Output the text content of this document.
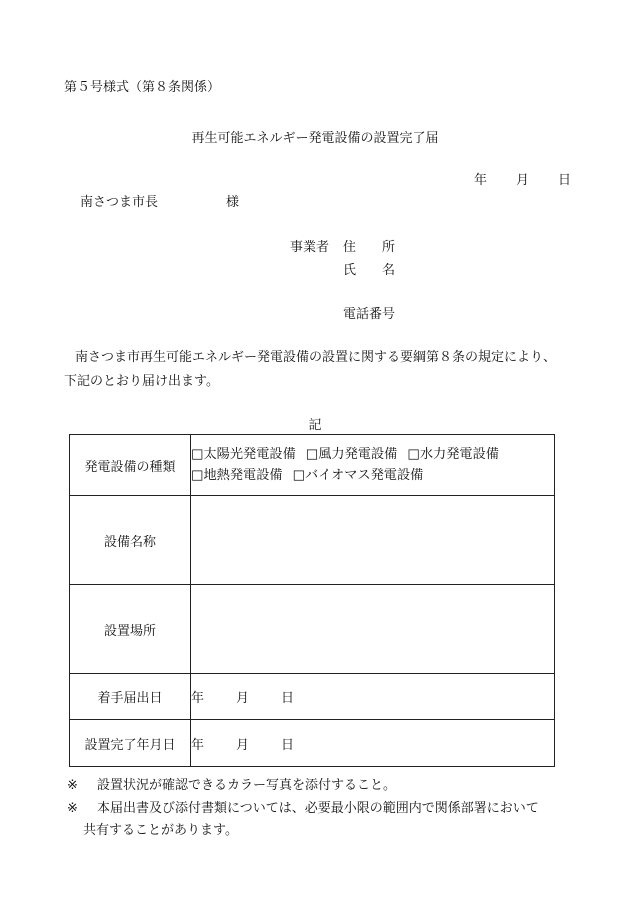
第５号様式（第８条関係）
再生可能エネルギー発電設備の設置完了届
年 月 日
南さつま市長	様
事業者 住　　所
氏　　名
電話番号
南さつま市再生可能エネルギー発電設備の設置に関する要綱第８条の規定により、
下記のとおり届け出ます。
記
発電設備の種類	□太陽光発電設備 □風力発電設備 □水力発電設備
□地熱発電設備 □バイオマス発電設備

設備名称	
設置場所	
着手届出日	年 月 日
設置完了年月日	年 月 日
※ 設置状況が確認できるカラー写真を添付すること。
※ 本届出書及び添付書類については、必要最小限の範囲内で関係部署において
共有することがあります。
